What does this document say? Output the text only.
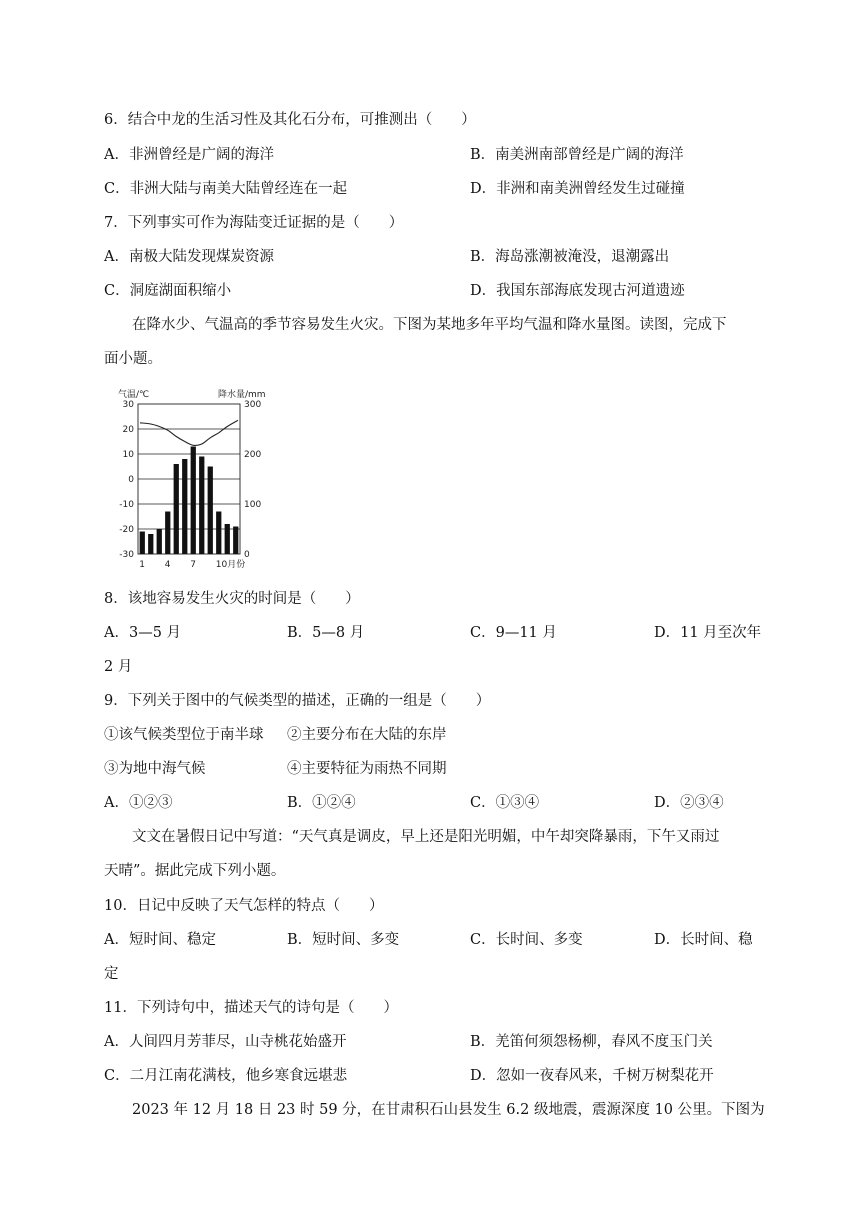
6．结合中龙的生活习性及其化石分布，可推测出（　　）
A．非洲曾经是广阔的海洋	B．南美洲南部曾经是广阔的海洋
C．非洲大陆与南美大陆曾经连在一起	D．非洲和南美洲曾经发生过碰撞
7．下列事实可作为海陆变迁证据的是（　　）
A．南极大陆发现煤炭资源	B．海岛涨潮被淹没，退潮露出
C．洞庭湖面积缩小	D．我国东部海底发现古河道遗迹
在降水少、气温高的季节容易发生火灾。下图为某地多年平均气温和降水量图。读图，完成下
面小题。
气温/℃	降水量/mm
30
20
10
0
-10
-20
-30
300
200
100
0
1 4 7 10月份
8．该地容易发生火灾的时间是（　　）
A．3—5 月	B．5—8 月	C．9—11 月	D．11 月至次年
2 月
9．下列关于图中的气候类型的描述，正确的一组是（　　）
①该气候类型位于南半球 ②主要分布在大陆的东岸
③为地中海气候	④主要特征为雨热不同期
A．①②③	B．①②④	C．①③④	D．②③④
文文在暑假日记中写道：“天气真是调皮，早上还是阳光明媚，中午却突降暴雨，下午又雨过
天晴”。据此完成下列小题。
10．日记中反映了天气怎样的特点（　　）
A．短时间、稳定	B．短时间、多变	C．长时间、多变	D．长时间、稳
定
11．下列诗句中，描述天气的诗句是（　　）
A．人间四月芳菲尽，山寺桃花始盛开	B．羌笛何须怨杨柳，春风不度玉门关
C．二月江南花满枝，他乡寒食远堪悲	D．忽如一夜春风来，千树万树梨花开
2023 年 12 月 18 日 23 时 59 分，在甘肃积石山县发生 6.2 级地震，震源深度 10 公里。下图为
